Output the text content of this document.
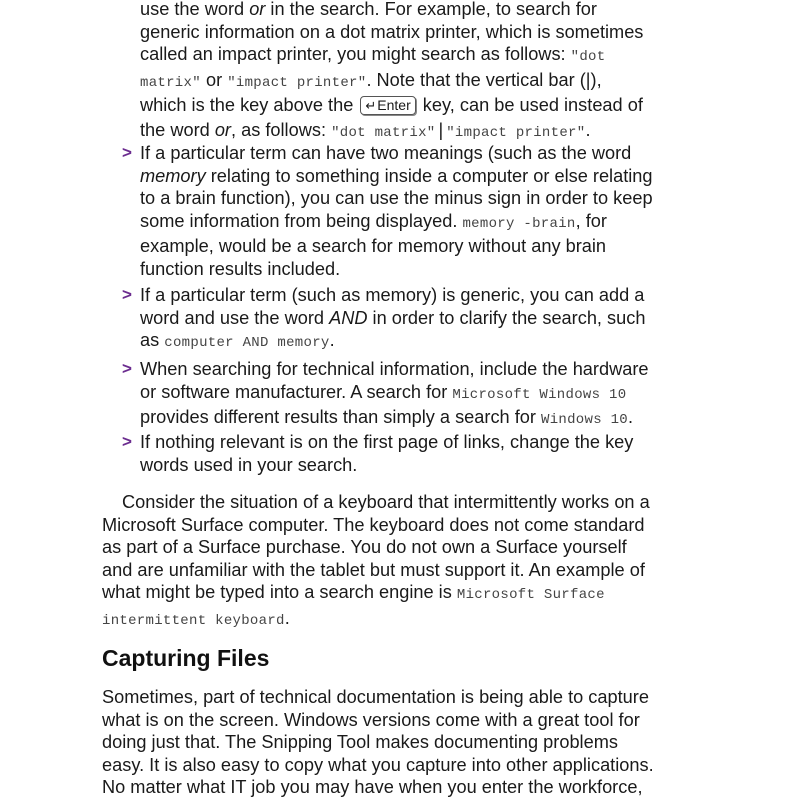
use the word or in the search. For example, to search for
generic information on a dot matrix printer, which is sometimes
called an impact printer, you might search as follows: "dot
matrix" or "impact printer". Note that the vertical bar (|),
which is the key above the ↵Enter key, can be used instead of
the word or, as follows: "dot matrix" | "impact printer".
> If a particular term can have two meanings (such as the word
memory relating to something inside a computer or else relating
to a brain function), you can use the minus sign in order to keep
some information from being displayed. memory -brain, for
example, would be a search for memory without any brain
function results included.
> If a particular term (such as memory) is generic, you can add a
word and use the word AND in order to clarify the search, such
as computer AND memory.
> When searching for technical information, include the hardware
or software manufacturer. A search for Microsoft Windows 10
provides different results than simply a search for Windows 10.
> If nothing relevant is on the first page of links, change the key
words used in your search.
Consider the situation of a keyboard that intermittently works on a
Microsoft Surface computer. The keyboard does not come standard
as part of a Surface purchase. You do not own a Surface yourself
and are unfamiliar with the tablet but must support it. An example of
what might be typed into a search engine is Microsoft Surface
intermittent keyboard.
Capturing Files
Sometimes, part of technical documentation is being able to capture
what is on the screen. Windows versions come with a great tool for
doing just that. The Snipping Tool makes documenting problems
easy. It is also easy to copy what you capture into other applications.
No matter what IT job you may have when you enter the workforce,
